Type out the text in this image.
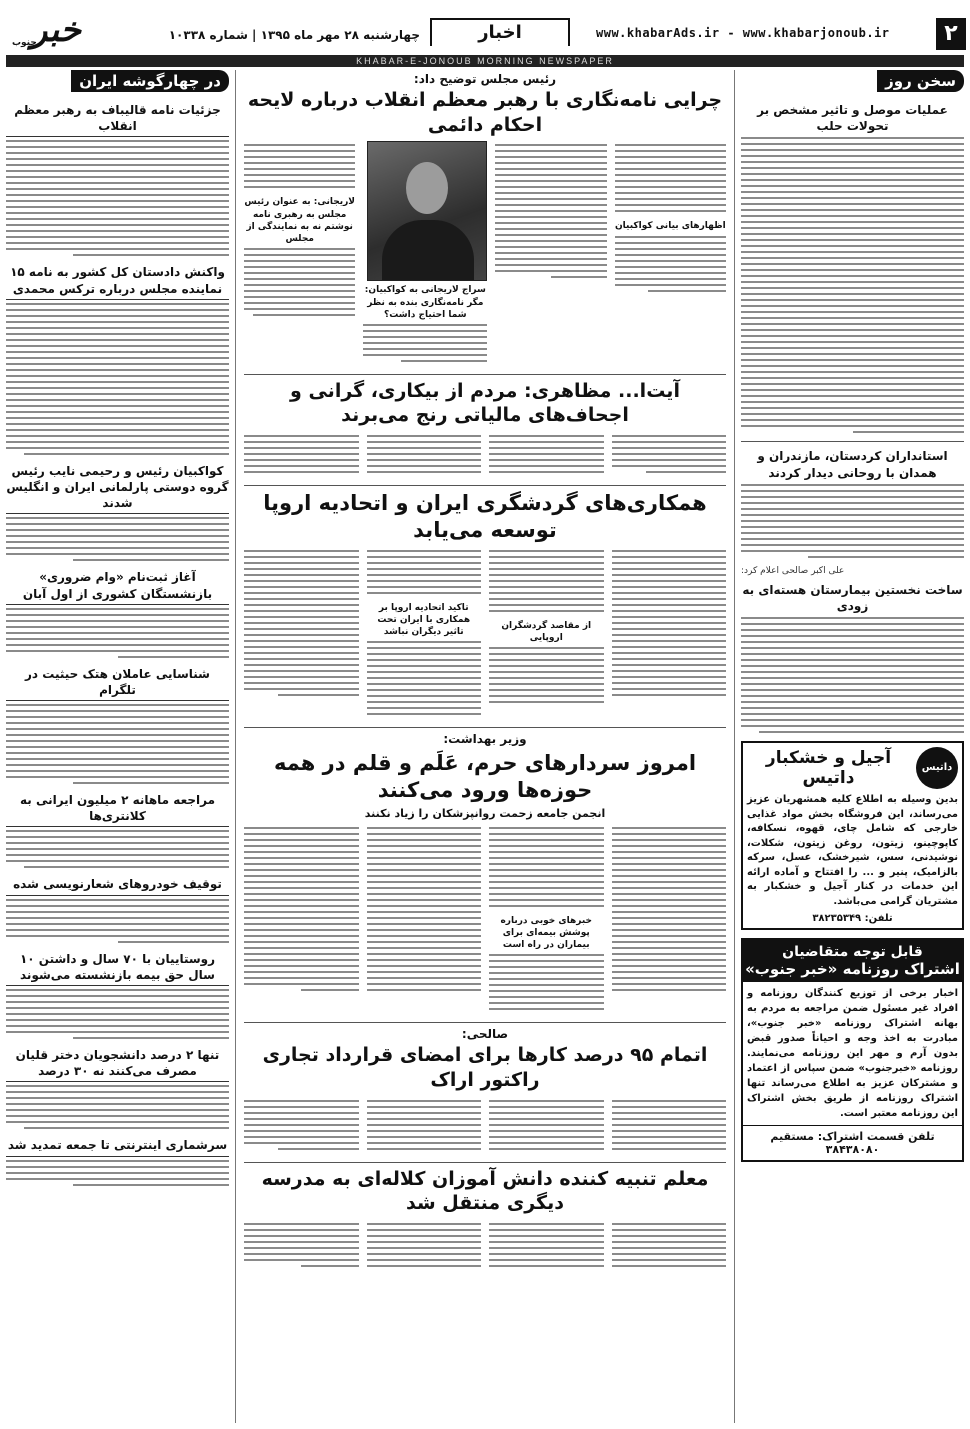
۲
www.khabarAds.ir - www.khabarjonoub.ir
اخبار
چهارشنبه ۲۸ مهر ماه ۱۳۹۵ | شماره ۱۰۳۳۸
خبر
جنوب
KHABAR-E-JONOUB MORNING NEWSPAPER
سخن روز
عملیات موصل و تاثیر مشخص بر تحولات حلب
استانداران کردستان، مازندران و همدان با روحانی دیدار کردند
علی اکبر صالحی اعلام کرد:
ساخت نخستین بیمارستان هسته‌ای به زودی
داتیس
آجیل و خشکبار داتیس
بدین وسیله به اطلاع کلیه همشهریان عزیز می‌رساند، این فروشگاه بخش مواد غذایی خارجی که شامل چای، قهوه، نسکافه، کاپوچینو، زیتون، روغن زیتون، شکلات، نوشیدنی، سس، شیرخشک، عسل، سرکه بالزامیک، پنیر و ... را افتتاح و آماده ارائه این خدمات در کنار آجیل و خشکبار به مشتریان گرامی می‌باشد.
تلفن: ۳۸۲۳۵۳۴۹
قابل توجه متقاضیان
اشتراک روزنامه «خبر جنوب»
اخبار برخی از توزیع کنندگان روزنامه و افراد غیر مسئول ضمن مراجعه به مردم به بهانه اشتراک روزنامه «خبر جنوب»، مبادرت به اخذ وجه و احیاناً صدور قبض بدون آرم و مهر این روزنامه می‌نمایند. روزنامه «خبرجنوب» ضمن سپاس از اعتماد و مشترکان عزیز به اطلاع می‌رساند تنها اشتراک روزنامه از طریق بخش اشتراک این روزنامه معتبر است.
تلفن قسمت اشتراک: مستقیم ۳۸۴۳۸۰۸۰
رئیس مجلس توضیح داد:
چرایی نامه‌نگاری با رهبر معظم انقلاب درباره لایحه احکام دائمی
اظهارهای بیانی کواکبیان
سراج لاریجانی به کواکبیان: مگر نامه‌نگاری بنده به نظر شما احتیاج داشت؟
لاریجانی: به عنوان رئیس مجلس به رهبری نامه نوشتم نه به نمایندگی از مجلس
آیت‌ا... مظاهری: مردم از بیکاری، گرانی و اجحاف‌های مالیاتی رنج می‌برند
همکاری‌های گردشگری ایران و اتحادیه اروپا توسعه می‌یابد
از مقاصد گردشگران اروپایی
تاکید اتحادیه اروپا بر همکاری با ایران تحت تاثیر دیگران نباشد
وزیر بهداشت:
امروز سردارهای حرم، عَلَم و قلم در همه حوزه‌ها ورود می‌کنند
انجمن جامعه زحمت روانپزشکان را زیاد نکنند
خبرهای خوبی درباره پوشش بیمه‌ای برای بیماران در راه است
صالحی:
اتمام ۹۵ درصد کارها برای امضای قرارداد تجاری راکتور اراک
معلم تنبیه کننده دانش آموزان کلاله‌ای به مدرسه دیگری منتقل شد
در چهارگوشه ایران
جزئیات نامه قالیباف به رهبر معظم انقلاب
واکنش دادستان کل کشور به نامه ۱۵ نماینده مجلس درباره ترکس محمدی
کواکبیان رئیس و رحیمی نایب رئیس گروه دوستی پارلمانی ایران و انگلیس شدند
آغاز ثبت‌نام «وام ضروری» بازنشستگان کشوری از اول آبان
شناسایی عاملان هتک حیثیت در تلگرام
مراجعه ماهانه ۲ میلیون ایرانی به کلانتری‌ها
توقیف خودروهای شعارنویسی شده
روستاییان با ۷۰ سال و داشتن ۱۰ سال حق بیمه بازنشسته می‌شوند
تنها ۲ درصد دانشجویان دختر قلیان مصرف می‌کنند نه ۳۰ درصد
سرشماری اینترنتی تا جمعه تمدید شد
